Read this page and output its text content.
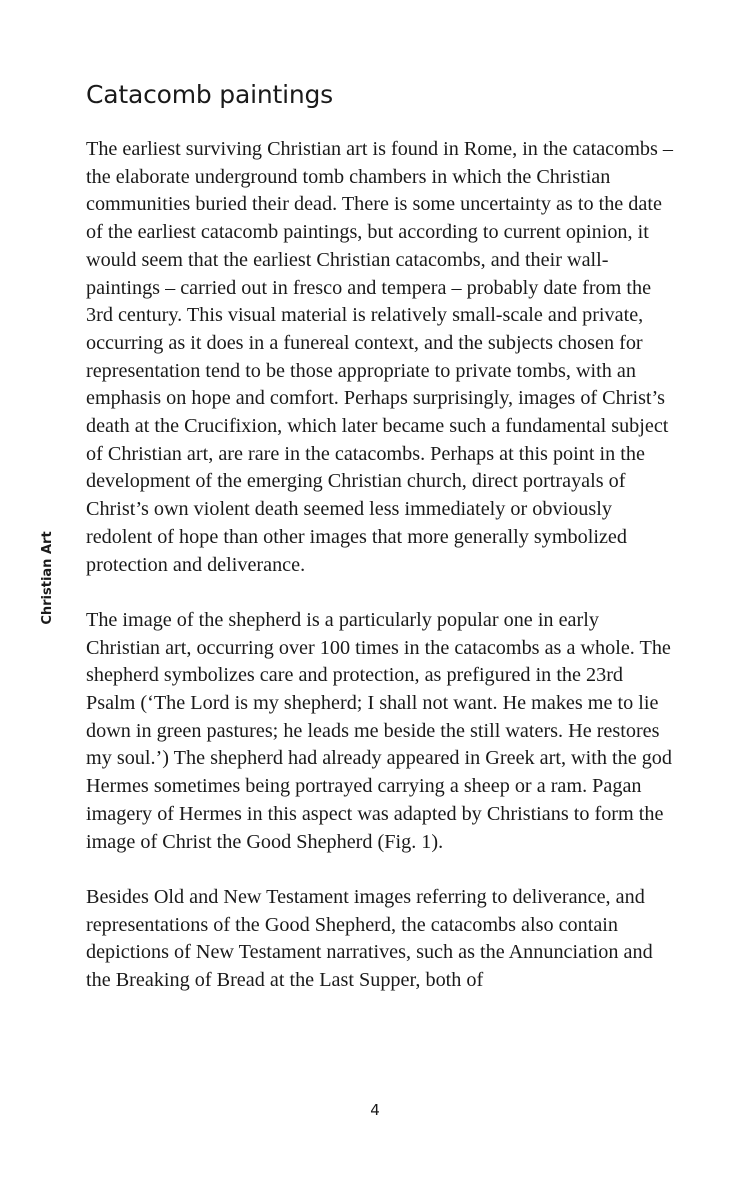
Catacomb paintings
Christian Art

The earliest surviving Christian art is found in Rome, in the catacombs – the elaborate underground tomb chambers in which the Christian communities buried their dead. There is some uncertainty as to the date of the earliest catacomb paintings, but according to current opinion, it would seem that the earliest Christian catacombs, and their wall-paintings – carried out in fresco and tempera – probably date from the 3rd century. This visual material is relatively small-scale and private, occurring as it does in a funereal context, and the subjects chosen for representation tend to be those appropriate to private tombs, with an emphasis on hope and comfort. Perhaps surprisingly, images of Christ’s death at the Crucifixion, which later became such a fundamental subject of Christian art, are rare in the catacombs. Perhaps at this point in the development of the emerging Christian church, direct portrayals of Christ’s own violent death seemed less immediately or obviously redolent of hope than other images that more generally symbolized protection and deliverance.

The image of the shepherd is a particularly popular one in early Christian art, occurring over 100 times in the catacombs as a whole. The shepherd symbolizes care and protection, as prefigured in the 23rd Psalm (‘The Lord is my shepherd; I shall not want. He makes me to lie down in green pastures; he leads me beside the still waters. He restores my soul.’) The shepherd had already appeared in Greek art, with the god Hermes sometimes being portrayed carrying a sheep or a ram. Pagan imagery of Hermes in this aspect was adapted by Christians to form the image of Christ the Good Shepherd (Fig. 1).

Besides Old and New Testament images referring to deliverance, and representations of the Good Shepherd, the catacombs also contain depictions of New Testament narratives, such as the Annunciation and the Breaking of Bread at the Last Supper, both of

4
